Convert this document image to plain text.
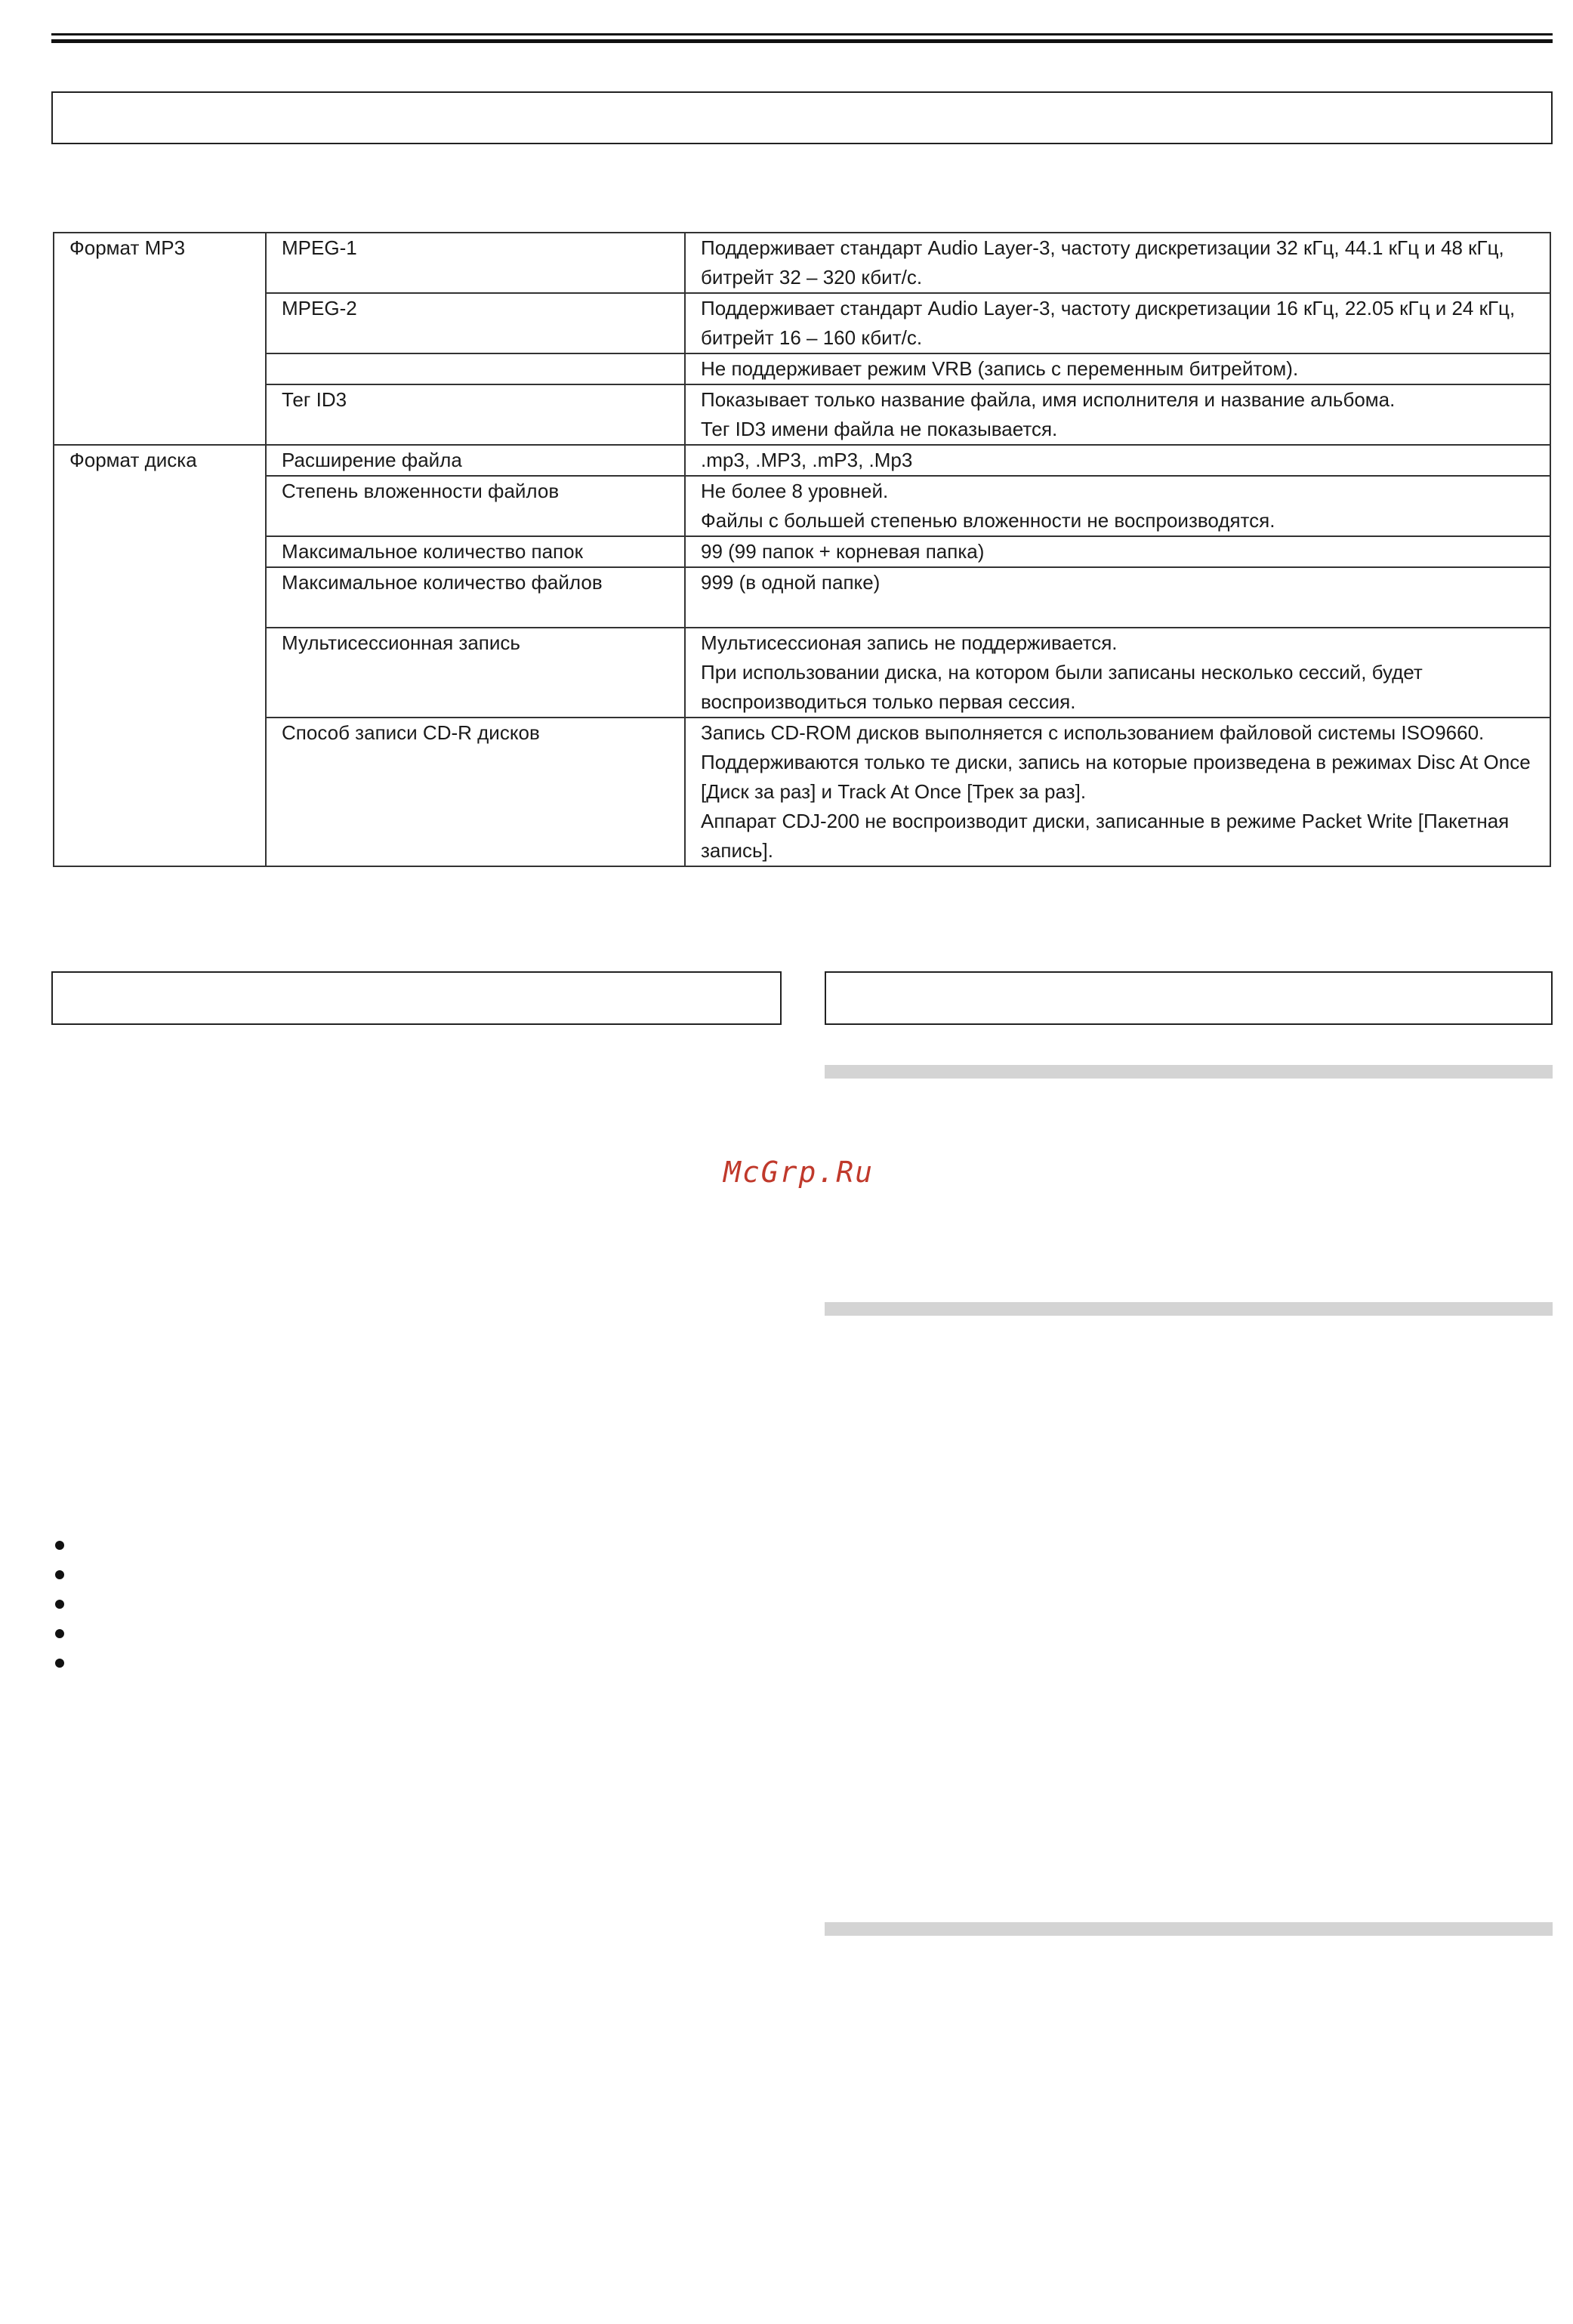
Формат MP3	MPEG-1	Поддерживает стандарт Audio Layer-3, частоту дискретизации 32 кГц, 44.1 кГц и 48 кГц,
битрейт 32 – 320 кбит/с.

	MPEG-2	Поддерживает стандарт Audio Layer-3, частоту дискретизации 16 кГц, 22.05 кГц и 24 кГц,
битрейт 16 – 160 кбит/с.

		Не поддерживает режим VRB (запись с переменным битрейтом).

	Тег ID3	Показывает только название файла, имя исполнителя и название альбома.
Тег ID3 имени файла не показывается.

Формат диска	Расширение файла	.mp3, .MP3, .mP3, .Mp3

	Степень вложенности файлов	Не более 8 уровней.
Файлы с большей степенью вложенности не воспроизводятся.

	Максимальное количество папок	99 (99 папок + корневая папка)

	Максимальное количество файлов	999 (в одной папке)

	Мультисессионная запись	Мультисессионая запись не поддерживается.
При использовании диска, на котором были записаны несколько сессий, будет
воспроизводиться только первая сессия.

	Способ записи CD-R дисков	Запись CD-ROM дисков выполняется с использованием файловой системы ISO9660.
Поддерживаются только те диски, запись на которые произведена в режимах Disc At Once
[Диск за раз] и Track At Once [Трек за раз].
Аппарат CDJ-200 не воспроизводит диски, записанные в режиме Packet Write [Пакетная
запись].
McGrp.Ru
